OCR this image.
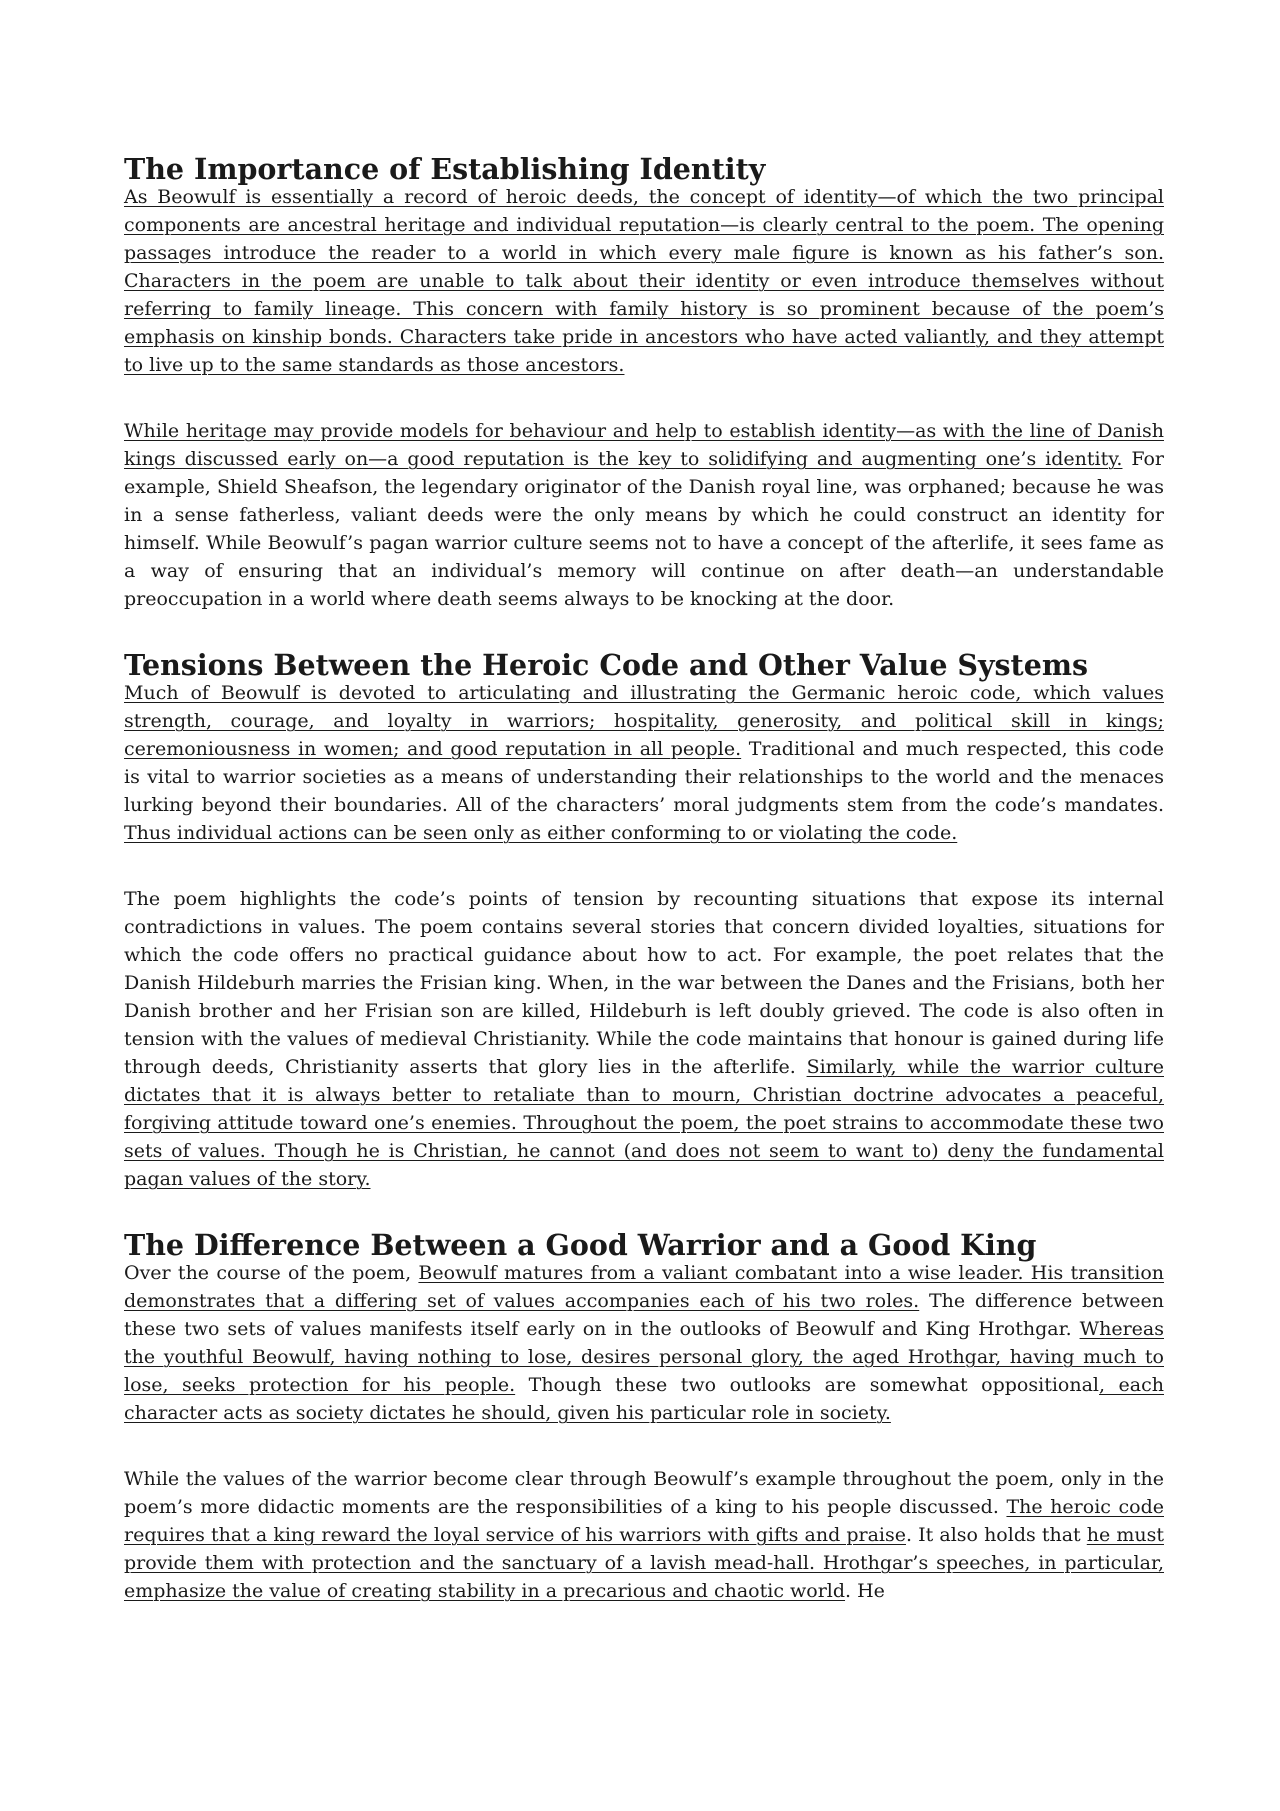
The Importance of Establishing Identity

As Beowulf is essentially a record of heroic deeds, the concept of identity—of which the two principal components are ancestral heritage and individual reputation—is clearly central to the poem. The opening passages introduce the reader to a world in which every male figure is known as his father’s son. Characters in the poem are unable to talk about their identity or even introduce themselves without referring to family lineage. This concern with family history is so prominent because of the poem’s emphasis on kinship bonds. Characters take pride in ancestors who have acted valiantly, and they attempt to live up to the same standards as those ancestors.

While heritage may provide models for behaviour and help to establish identity—as with the line of Danish kings discussed early on—a good reputation is the key to solidifying and augmenting one’s identity. For example, Shield Sheafson, the legendary originator of the Danish royal line, was orphaned; because he was in a sense fatherless, valiant deeds were the only means by which he could construct an identity for himself. While Beowulf’s pagan warrior culture seems not to have a concept of the afterlife, it sees fame as a way of ensuring that an individual’s memory will continue on after death—an understandable preoccupation in a world where death seems always to be knocking at the door.

Tensions Between the Heroic Code and Other Value Systems

Much of Beowulf is devoted to articulating and illustrating the Germanic heroic code, which values strength, courage, and loyalty in warriors; hospitality, generosity, and political skill in kings; ceremoniousness in women; and good reputation in all people. Traditional and much respected, this code is vital to warrior societies as a means of understanding their relationships to the world and the menaces lurking beyond their boundaries. All of the characters’ moral judgments stem from the code’s mandates. Thus individual actions can be seen only as either conforming to or violating the code.

The poem highlights the code’s points of tension by recounting situations that expose its internal contradictions in values. The poem contains several stories that concern divided loyalties, situations for which the code offers no practical guidance about how to act. For example, the poet relates that the Danish Hildeburh marries the Frisian king. When, in the war between the Danes and the Frisians, both her Danish brother and her Frisian son are killed, Hildeburh is left doubly grieved. The code is also often in tension with the values of medieval Christianity. While the code maintains that honour is gained during life through deeds, Christianity asserts that glory lies in the afterlife. Similarly, while the warrior culture dictates that it is always better to retaliate than to mourn, Christian doctrine advocates a peaceful, forgiving attitude toward one’s enemies. Throughout the poem, the poet strains to accommodate these two sets of values. Though he is Christian, he cannot (and does not seem to want to) deny the fundamental pagan values of the story.

The Difference Between a Good Warrior and a Good King

Over the course of the poem, Beowulf matures from a valiant combatant into a wise leader. His transition demonstrates that a differing set of values accompanies each of his two roles. The difference between these two sets of values manifests itself early on in the outlooks of Beowulf and King Hrothgar. Whereas the youthful Beowulf, having nothing to lose, desires personal glory, the aged Hrothgar, having much to lose, seeks protection for his people. Though these two outlooks are somewhat oppositional, each character acts as society dictates he should, given his particular role in society.

While the values of the warrior become clear through Beowulf’s example throughout the poem, only in the poem’s more didactic moments are the responsibilities of a king to his people discussed. The heroic code requires that a king reward the loyal service of his warriors with gifts and praise. It also holds that he must provide them with protection and the sanctuary of a lavish mead-hall. Hrothgar’s speeches, in particular, emphasize the value of creating stability in a precarious and chaotic world. He
